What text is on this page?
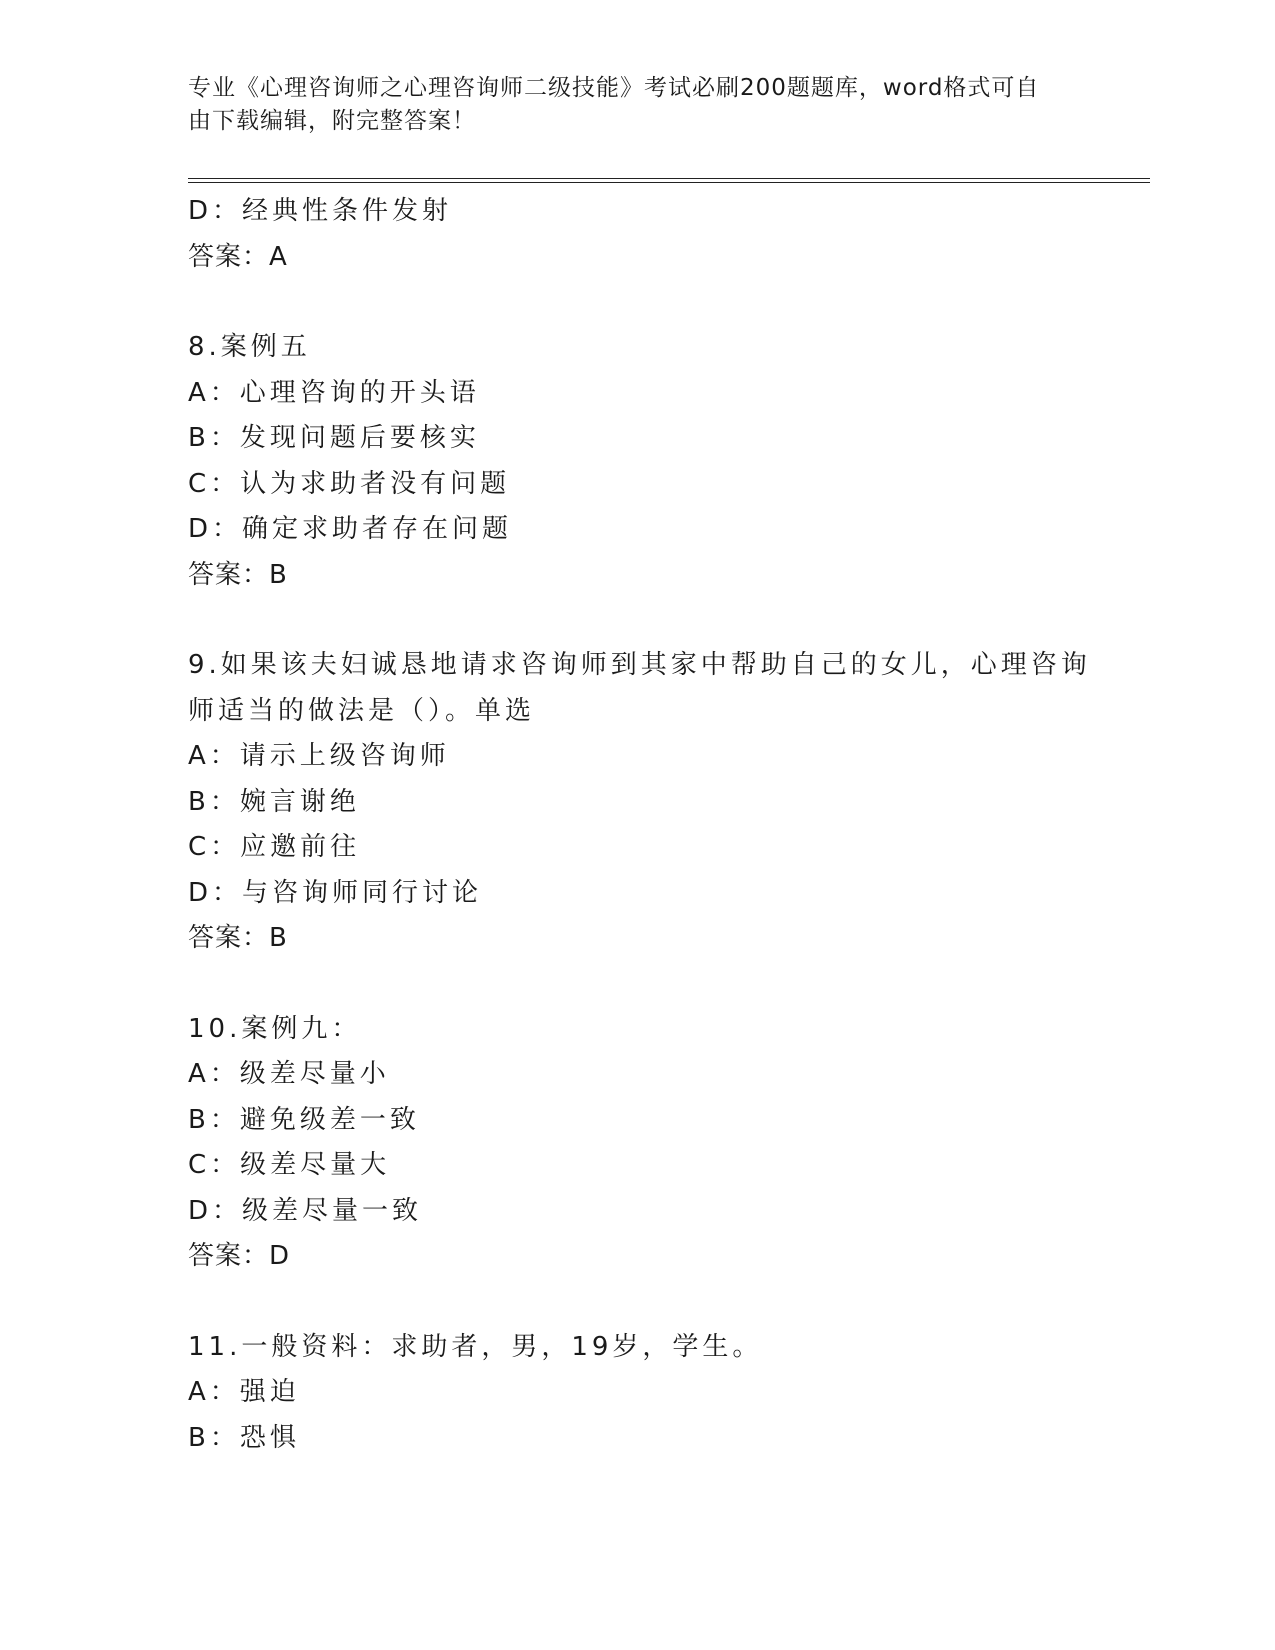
专业《心理咨询师之心理咨询师二级技能》考试必刷200题题库，word格式可自
由下载编辑，附完整答案！
D：经典性条件发射
答案：A
8.案例五
A：心理咨询的开头语
B：发现问题后要核实
C：认为求助者没有问题
D：确定求助者存在问题
答案：B
9.如果该夫妇诚恳地请求咨询师到其家中帮助自己的女儿，心理咨询
师适当的做法是（）。单选
A：请示上级咨询师
B：婉言谢绝
C：应邀前往
D：与咨询师同行讨论
答案：B
10.案例九：
A：级差尽量小
B：避免级差一致
C：级差尽量大
D：级差尽量一致
答案：D
11.一般资料：求助者，男，19岁，学生。
A：强迫
B：恐惧
